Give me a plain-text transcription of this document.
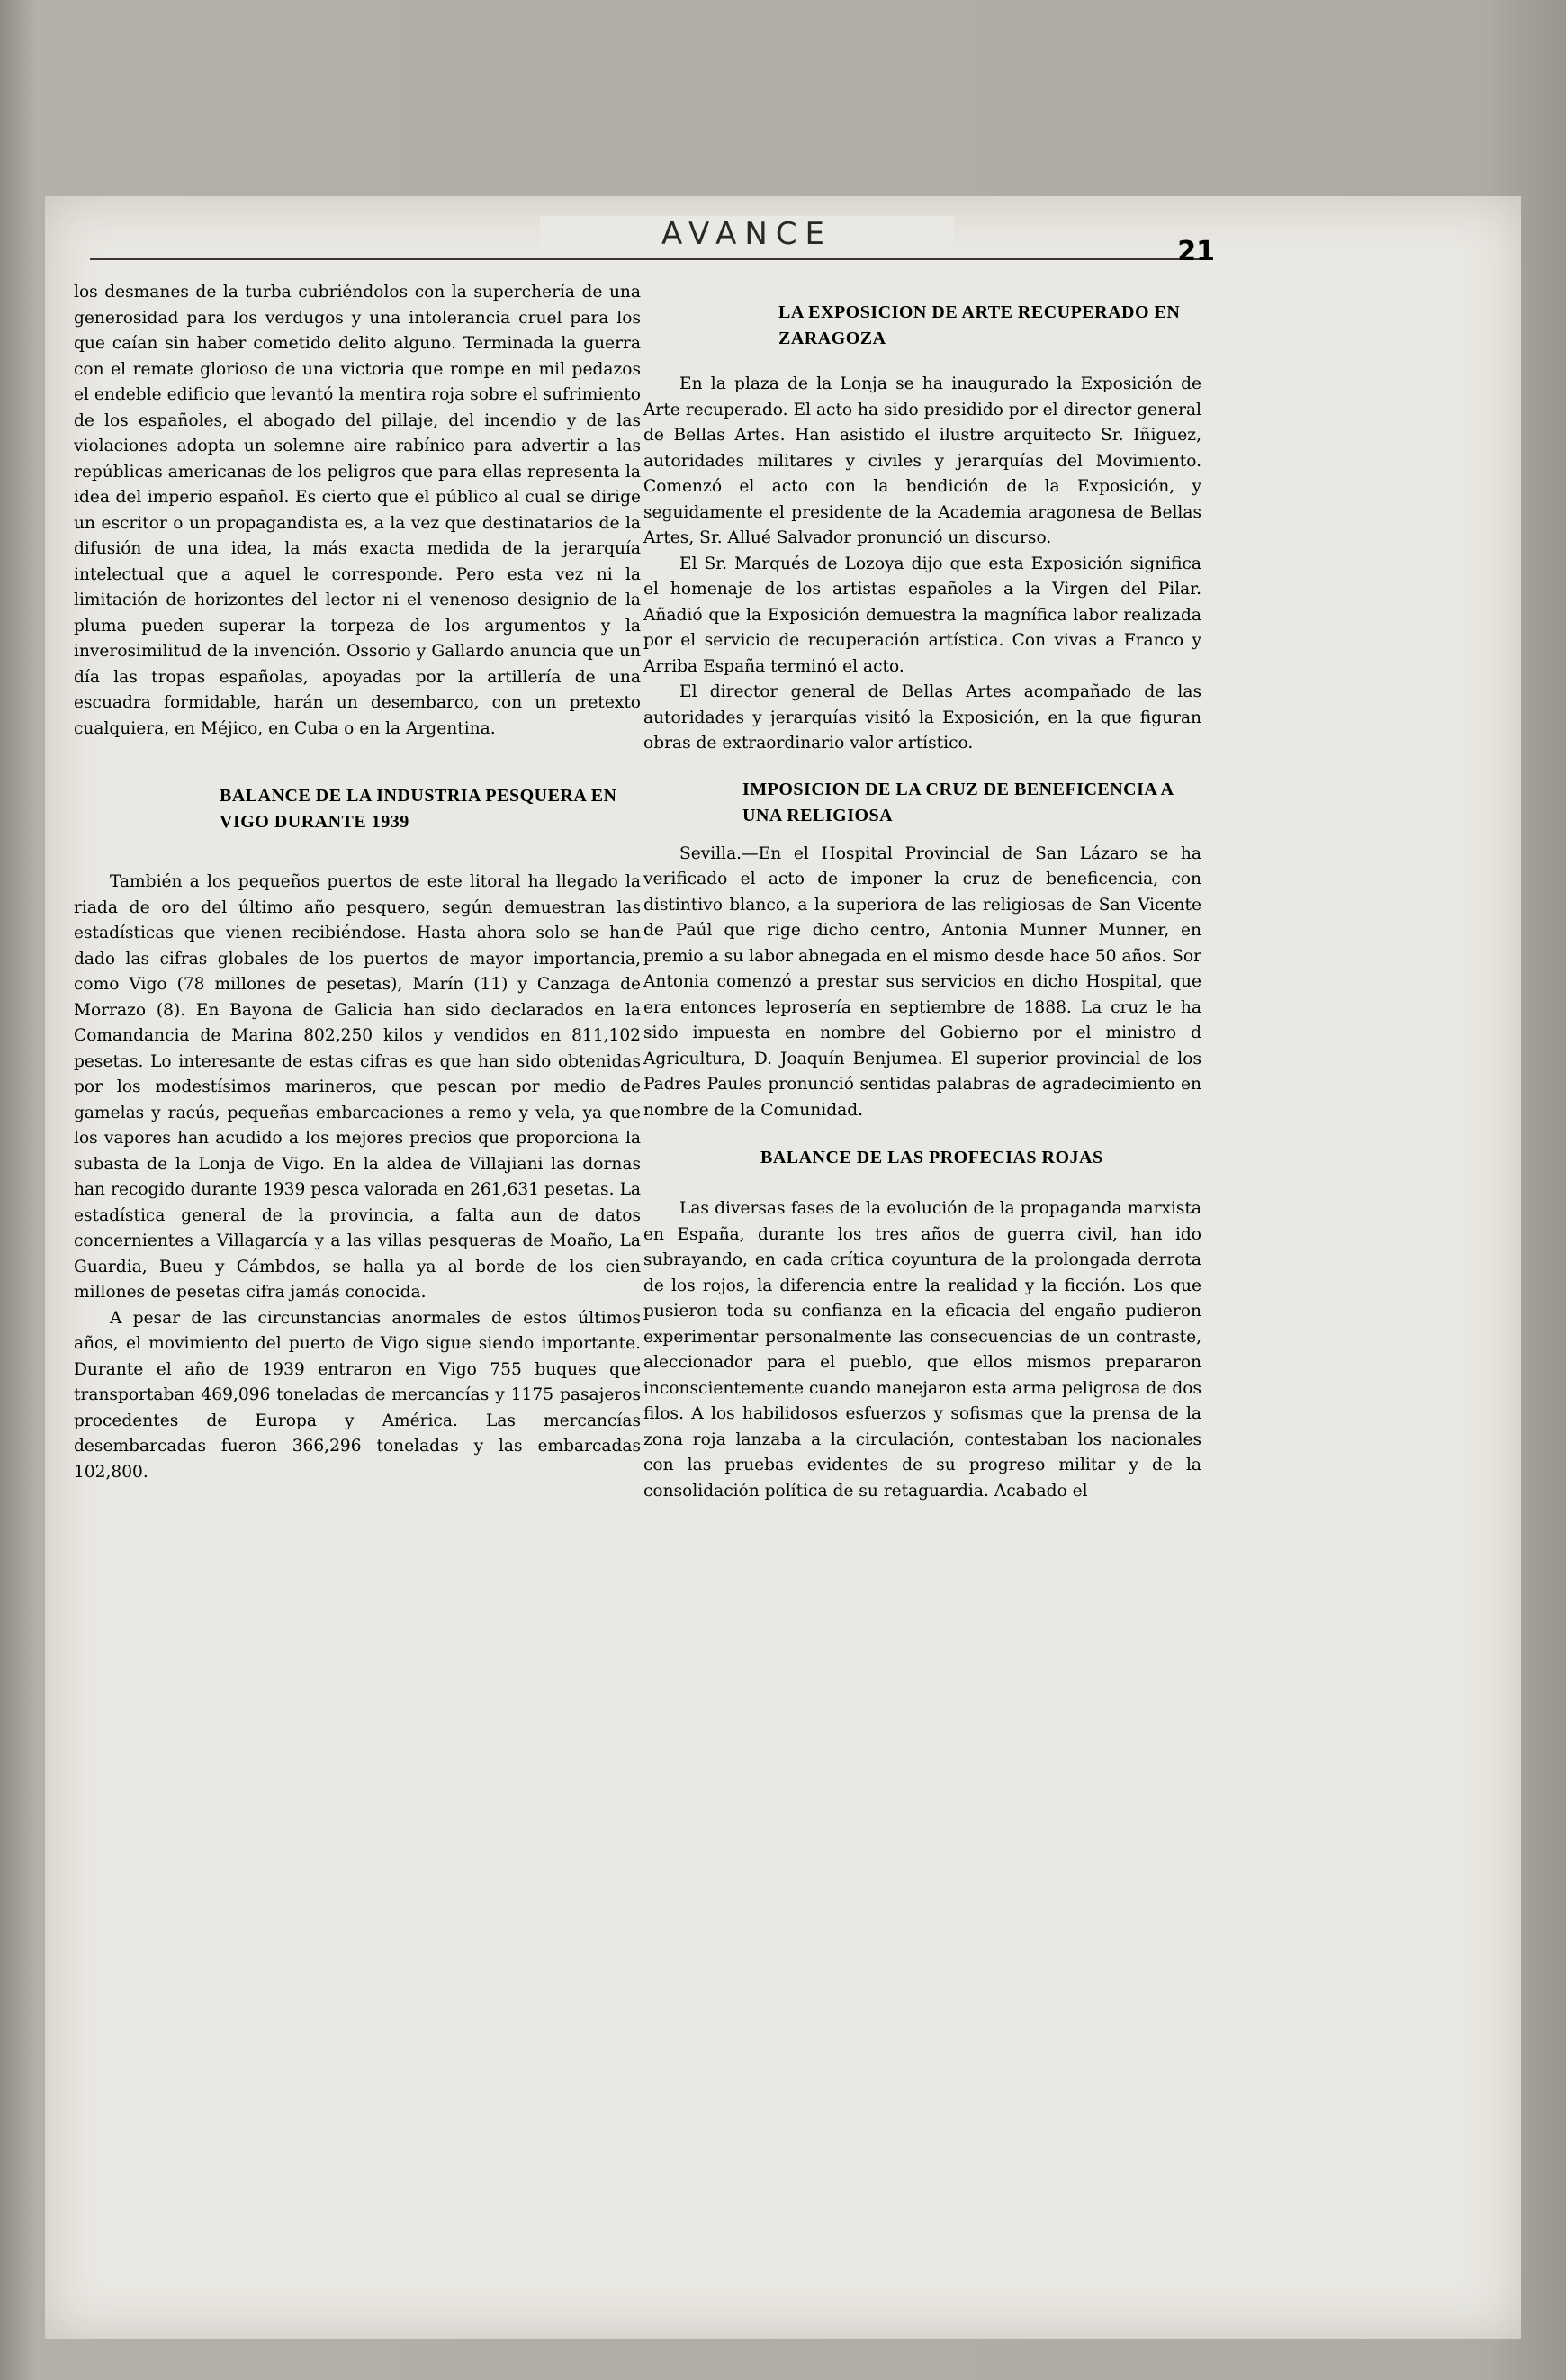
AVANCE	21

los desmanes de la turba cubriéndolos con la superchería de una generosidad para los verdugos y una intolerancia cruel para los que caían sin haber cometido delito alguno. Terminada la guerra con el remate glorioso de una victoria que rompe en mil pedazos el endeble edificio que levantó la mentira roja sobre el sufrimiento de los españoles, el abogado del pillaje, del incendio y de las violaciones adopta un solemne aire rabínico para advertir a las repúblicas americanas de los peligros que para ellas representa la idea del imperio español. Es cierto que el público al cual se dirige un escritor o un propagandista es, a la vez que destinatarios de la difusión de una idea, la más exacta medida de la jerarquía intelectual que a aquel le corresponde. Pero esta vez ni la limitación de horizontes del lector ni el venenoso designio de la pluma pueden superar la torpeza de los argumentos y la inverosimilitud de la invención. Ossorio y Gallardo anuncia que un día las tropas españolas, apoyadas por la artillería de una escuadra formidable, harán un desembarco, con un pretexto cualquiera, en Méjico, en Cuba o en la Argentina.

BALANCE DE LA INDUSTRIA PESQUERA EN VIGO DURANTE 1939

También a los pequeños puertos de este litoral ha llegado la riada de oro del último año pesquero, según demuestran las estadísticas que vienen recibiéndose. Hasta ahora solo se han dado las cifras globales de los puertos de mayor importancia, como Vigo (78 millones de pesetas), Marín (11) y Canzaga de Morrazo (8). En Bayona de Galicia han sido declarados en la Comandancia de Marina 802,250 kilos y vendidos en 811,102 pesetas. Lo interesante de estas cifras es que han sido obtenidas por los modestísimos marineros, que pescan por medio de gamelas y racús, pequeñas embarcaciones a remo y vela, ya que los vapores han acudido a los mejores precios que proporciona la subasta de la Lonja de Vigo. En la aldea de Villajiani las dornas han recogido durante 1939 pesca valorada en 261,631 pesetas. La estadística general de la provincia, a falta aun de datos concernientes a Villagarcía y a las villas pesqueras de Moaño, La Guardia, Bueu y Cámbdos, se halla ya al borde de los cien millones de pesetas cifra jamás conocida.

A pesar de las circunstancias anormales de estos últimos años, el movimiento del puerto de Vigo sigue siendo importante. Durante el año de 1939 entraron en Vigo 755 buques que transportaban 469,096 toneladas de mercancías y 1175 pasajeros procedentes de Europa y América. Las mercancías desembarcadas fueron 366,296 toneladas y las embarcadas 102,800.

LA EXPOSICION DE ARTE RECUPERADO EN ZARAGOZA

En la plaza de la Lonja se ha inaugurado la Exposición de Arte recuperado. El acto ha sido presidido por el director general de Bellas Artes. Han asistido el ilustre arquitecto Sr. Iñiguez, autoridades militares y civiles y jerarquías del Movimiento. Comenzó el acto con la bendición de la Exposición, y seguidamente el presidente de la Academia aragonesa de Bellas Artes, Sr. Allué Salvador pronunció un discurso.

El Sr. Marqués de Lozoya dijo que esta Exposición significa el homenaje de los artistas españoles a la Virgen del Pilar. Añadió que la Exposición demuestra la magnífica labor realizada por el servicio de recuperación artística. Con vivas a Franco y Arriba España terminó el acto.

El director general de Bellas Artes acompañado de las autoridades y jerarquías visitó la Exposición, en la que figuran obras de extraordinario valor artístico.

IMPOSICION DE LA CRUZ DE BENEFICENCIA A UNA RELIGIOSA

Sevilla.—En el Hospital Provincial de San Lázaro se ha verificado el acto de imponer la cruz de beneficencia, con distintivo blanco, a la superiora de las religiosas de San Vicente de Paúl que rige dicho centro, Antonia Munner Munner, en premio a su labor abnegada en el mismo desde hace 50 años. Sor Antonia comenzó a prestar sus servicios en dicho Hospital, que era entonces leprosería en septiembre de 1888. La cruz le ha sido impuesta en nombre del Gobierno por el ministro d Agricultura, D. Joaquín Benjumea. El superior provincial de los Padres Paules pronunció sentidas palabras de agradecimiento en nombre de la Comunidad.

BALANCE DE LAS PROFECIAS ROJAS

Las diversas fases de la evolución de la propaganda marxista en España, durante los tres años de guerra civil, han ido subrayando, en cada crítica coyuntura de la prolongada derrota de los rojos, la diferencia entre la realidad y la ficción. Los que pusieron toda su confianza en la eficacia del engaño pudieron experimentar personalmente las consecuencias de un contraste, aleccionador para el pueblo, que ellos mismos prepararon inconscientemente cuando manejaron esta arma peligrosa de dos filos. A los habilidosos esfuerzos y sofismas que la prensa de la zona roja lanzaba a la circulación, contestaban los nacionales con las pruebas evidentes de su progreso militar y de la consolidación política de su retaguardia. Acabado el
